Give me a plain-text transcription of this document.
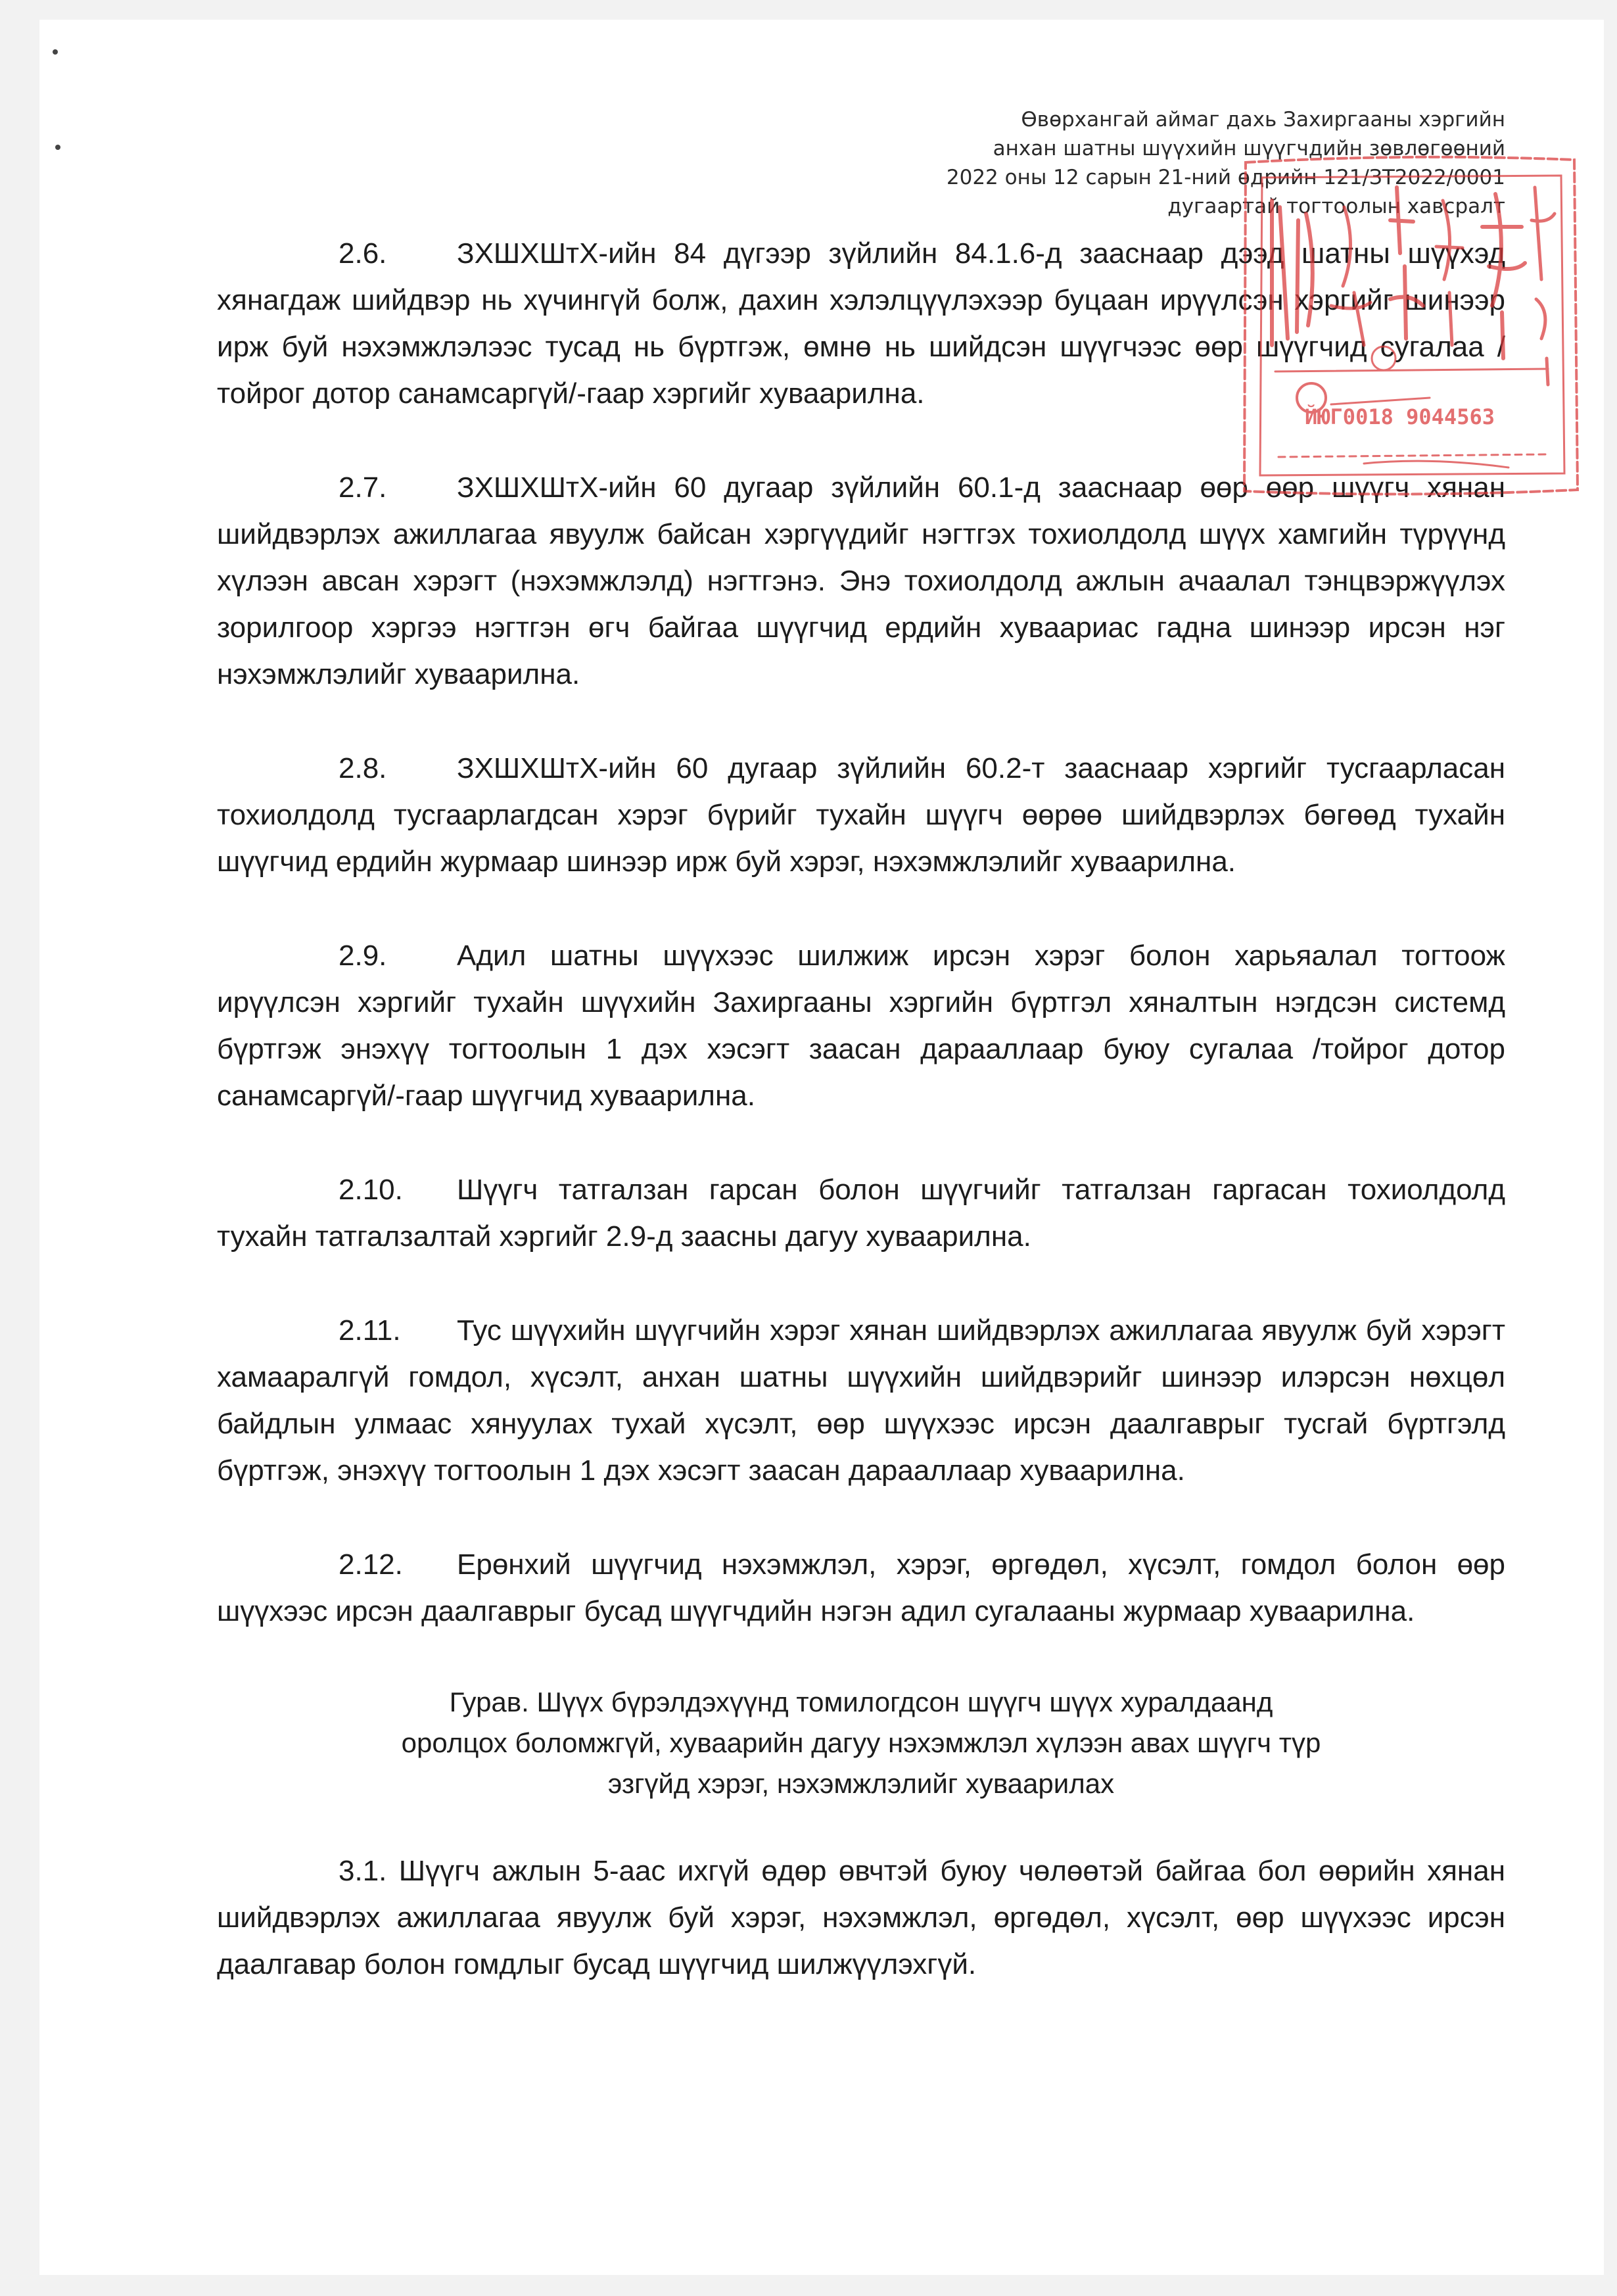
Өвөрхангай аймаг дахь Захиргааны хэргийн
анхан шатны шүүхийн шүүгчдийн зөвлөгөөний
2022 оны 12 сарын 21-ний өдрийн 121/ЗТ2022/0001
дугаартай тогтоолын хавсралт

2.6. ЗХШХШтХ-ийн 84 дүгээр зүйлийн 84.1.6-д зааснаар дээд шатны шүүхэд хянагдаж шийдвэр нь хүчингүй болж, дахин хэлэлцүүлэхээр буцаан ирүүлсэн хэргийг шинээр ирж буй нэхэмжлэлээс тусад нь бүртгэж, өмнө нь шийдсэн шүүгчээс өөр шүүгчид сугалаа /тойрог дотор санамсаргүй/-гаар хэргийг хуваарилна.

2.7. ЗХШХШтХ-ийн 60 дугаар зүйлийн 60.1-д зааснаар өөр өөр шүүгч хянан шийдвэрлэх ажиллагаа явуулж байсан хэргүүдийг нэгтгэх тохиолдолд шүүх хамгийн түрүүнд хүлээн авсан хэрэгт (нэхэмжлэлд) нэгтгэнэ. Энэ тохиолдолд ажлын ачаалал тэнцвэржүүлэх зорилгоор хэргээ нэгтгэн өгч байгаа шүүгчид ердийн хуваариас гадна шинээр ирсэн нэг нэхэмжлэлийг хуваарилна.

2.8. ЗХШХШтХ-ийн 60 дугаар зүйлийн 60.2-т зааснаар хэргийг тусгаарласан тохиолдолд тусгаарлагдсан хэрэг бүрийг тухайн шүүгч өөрөө шийдвэрлэх бөгөөд тухайн шүүгчид ердийн журмаар шинээр ирж буй хэрэг, нэхэмжлэлийг хуваарилна.

2.9. Адил шатны шүүхээс шилжиж ирсэн хэрэг болон харьяалал тогтоож ирүүлсэн хэргийг тухайн шүүхийн Захиргааны хэргийн бүртгэл хяналтын нэгдсэн системд бүртгэж энэхүү тогтоолын 1 дэх хэсэгт заасан дарааллаар буюу сугалаа /тойрог дотор санамсаргүй/-гаар шүүгчид хуваарилна.

2.10. Шүүгч татгалзан гарсан болон шүүгчийг татгалзан гаргасан тохиолдолд тухайн татгалзалтай хэргийг 2.9-д заасны дагуу хуваарилна.

2.11. Тус шүүхийн шүүгчийн хэрэг хянан шийдвэрлэх ажиллагаа явуулж буй хэрэгт хамааралгүй гомдол, хүсэлт, анхан шатны шүүхийн шийдвэрийг шинээр илэрсэн нөхцөл байдлын улмаас хянуулах тухай хүсэлт, өөр шүүхээс ирсэн даалгаврыг тусгай бүртгэлд бүртгэж, энэхүү тогтоолын 1 дэх хэсэгт заасан дарааллаар хуваарилна.

2.12. Ерөнхий шүүгчид нэхэмжлэл, хэрэг, өргөдөл, хүсэлт, гомдол болон өөр шүүхээс ирсэн даалгаврыг бусад шүүгчдийн нэгэн адил сугалааны журмаар хуваарилна.

Гурав. Шүүх бүрэлдэхүүнд томилогдсон шүүгч шүүх хуралдаанд
оролцох боломжгүй, хуваарийн дагуу нэхэмжлэл хүлээн авах шүүгч түр
эзгүйд хэрэг, нэхэмжлэлийг хуваарилах

3.1. Шүүгч ажлын 5-аас ихгүй өдөр өвчтэй буюу чөлөөтэй байгаа бол өөрийн хянан шийдвэрлэх ажиллагаа явуулж буй хэрэг, нэхэмжлэл, өргөдөл, хүсэлт, өөр шүүхээс ирсэн даалгавар болон гомдлыг бусад шүүгчид шилжүүлэхгүй.

ЙЮГ0018 9044563
